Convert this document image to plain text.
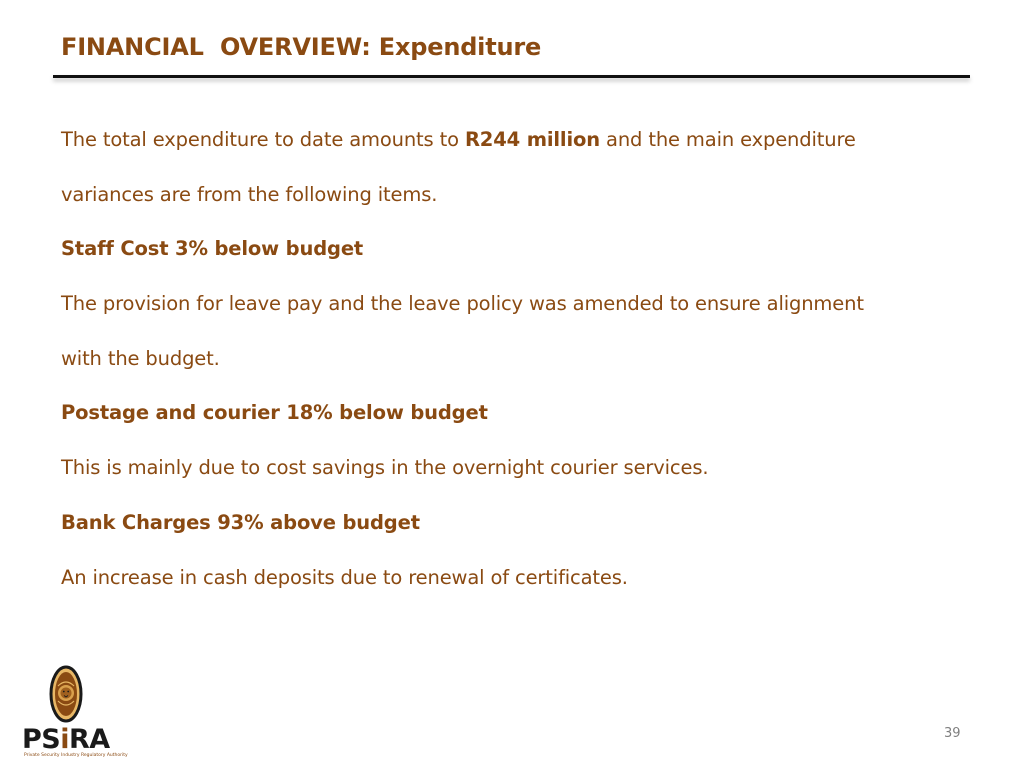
FINANCIAL  OVERVIEW: Expenditure
The total expenditure to date amounts to R244 million and the main expenditure
variances are from the following items.
Staff Cost 3% below budget
The provision for leave pay and the leave policy was amended to ensure alignment
with the budget.
Postage and courier 18% below budget
This is mainly due to cost savings in the overnight courier services.
Bank Charges 93% above budget
An increase in cash deposits due to renewal of certificates.
PSiRA
Private Security Industry Regulatory Authority
39
